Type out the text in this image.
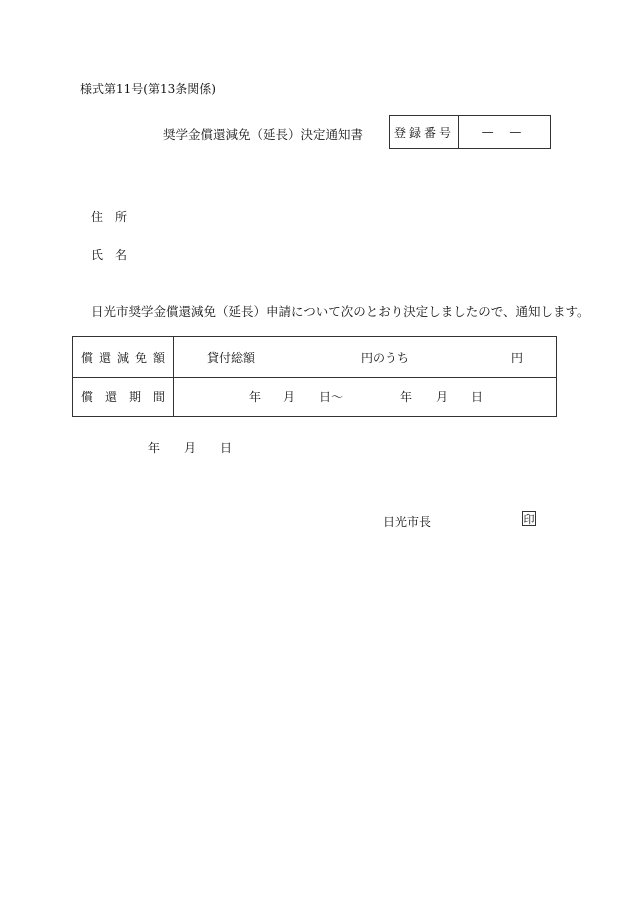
様式第11号(第13条関係)
奨学金償還減免（延長）決定通知書	登録番号	— —
住所
氏名
日光市奨学金償還減免（延長）申請について次のとおり決定しましたので、通知します。
償 還 減 免 額	貸付総額	円のうち	円
償 還 期 間	年 月 日～	年 月 日
年 月 日
日光市長	印
